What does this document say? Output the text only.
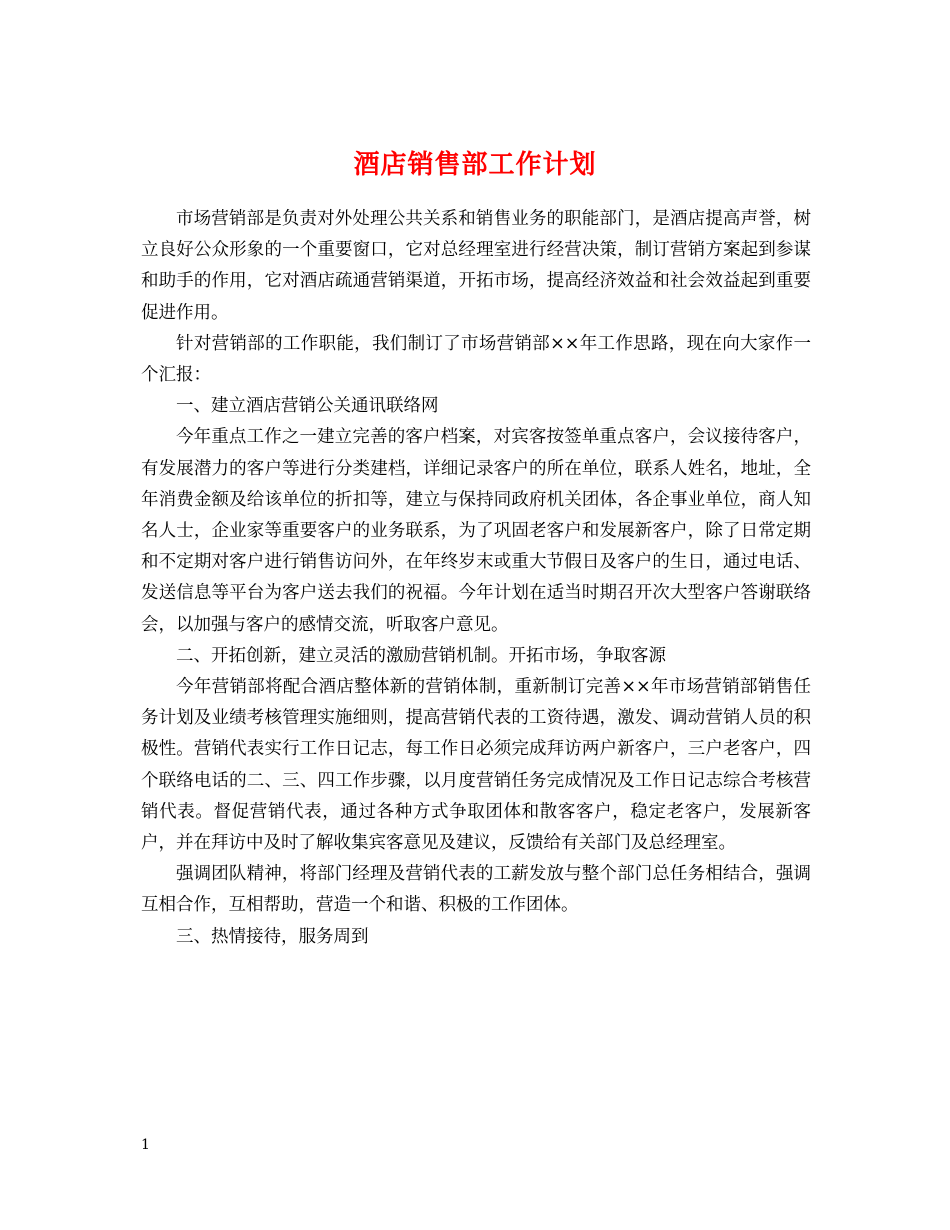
酒店销售部工作计划

市场营销部是负责对外处理公共关系和销售业务的职能部门，是酒店提高声誉，树立良好公众形象的一个重要窗口，它对总经理室进行经营决策，制订营销方案起到参谋和助手的作用，它对酒店疏通营销渠道，开拓市场，提高经济效益和社会效益起到重要促进作用。

针对营销部的工作职能，我们制订了市场营销部××年工作思路，现在向大家作一个汇报：

一、建立酒店营销公关通讯联络网

今年重点工作之一建立完善的客户档案，对宾客按签单重点客户，会议接待客户，有发展潜力的客户等进行分类建档，详细记录客户的所在单位，联系人姓名，地址，全年消费金额及给该单位的折扣等，建立与保持同政府机关团体，各企事业单位，商人知名人士，企业家等重要客户的业务联系，为了巩固老客户和发展新客户，除了日常定期和不定期对客户进行销售访问外，在年终岁末或重大节假日及客户的生日，通过电话、发送信息等平台为客户送去我们的祝福。今年计划在适当时期召开次大型客户答谢联络会，以加强与客户的感情交流，听取客户意见。

二、开拓创新，建立灵活的激励营销机制。开拓市场，争取客源

今年营销部将配合酒店整体新的营销体制，重新制订完善××年市场营销部销售任务计划及业绩考核管理实施细则，提高营销代表的工资待遇，激发、调动营销人员的积极性。营销代表实行工作日记志，每工作日必须完成拜访两户新客户，三户老客户，四个联络电话的二、三、四工作步骤，以月度营销任务完成情况及工作日记志综合考核营销代表。督促营销代表，通过各种方式争取团体和散客客户，稳定老客户，发展新客户，并在拜访中及时了解收集宾客意见及建议，反馈给有关部门及总经理室。

强调团队精神，将部门经理及营销代表的工薪发放与整个部门总任务相结合，强调互相合作，互相帮助，营造一个和谐、积极的工作团体。

三、热情接待，服务周到

1
